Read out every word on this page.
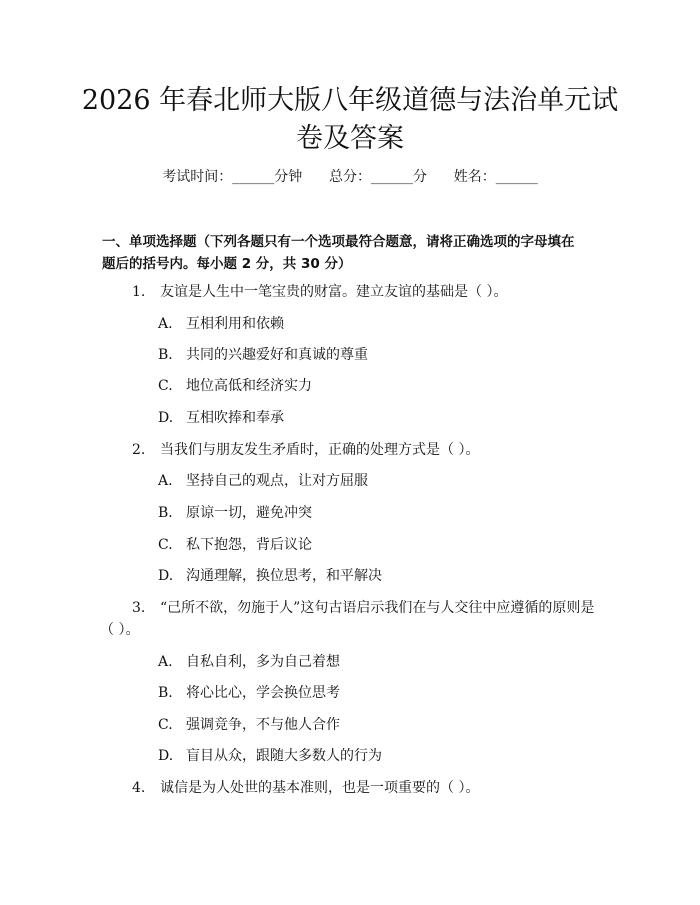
2026 年春北师大版八年级道德与法治单元试
卷及答案
考试时间：______分钟      总分：______分      姓名：______
一、单项选择题（下列各题只有一个选项最符合题意，请将正确选项的字母填在
题后的括号内。每小题 2 分，共 30 分）
1.	友谊是人生中一笔宝贵的财富。建立友谊的基础是（ ）。
A. 互相利用和依赖
B. 共同的兴趣爱好和真诚的尊重
C. 地位高低和经济实力
D. 互相吹捧和奉承
2.	当我们与朋友发生矛盾时，正确的处理方式是（ ）。
A. 坚持自己的观点，让对方屈服
B. 原谅一切，避免冲突
C. 私下抱怨，背后议论
D. 沟通理解，换位思考，和平解决
3.	“己所不欲，勿施于人”这句古语启示我们在与人交往中应遵循的原则是
（ ）。
A. 自私自利，多为自己着想
B. 将心比心，学会换位思考
C. 强调竞争，不与他人合作
D. 盲目从众，跟随大多数人的行为
4.	诚信是为人处世的基本准则，也是一项重要的（ ）。
